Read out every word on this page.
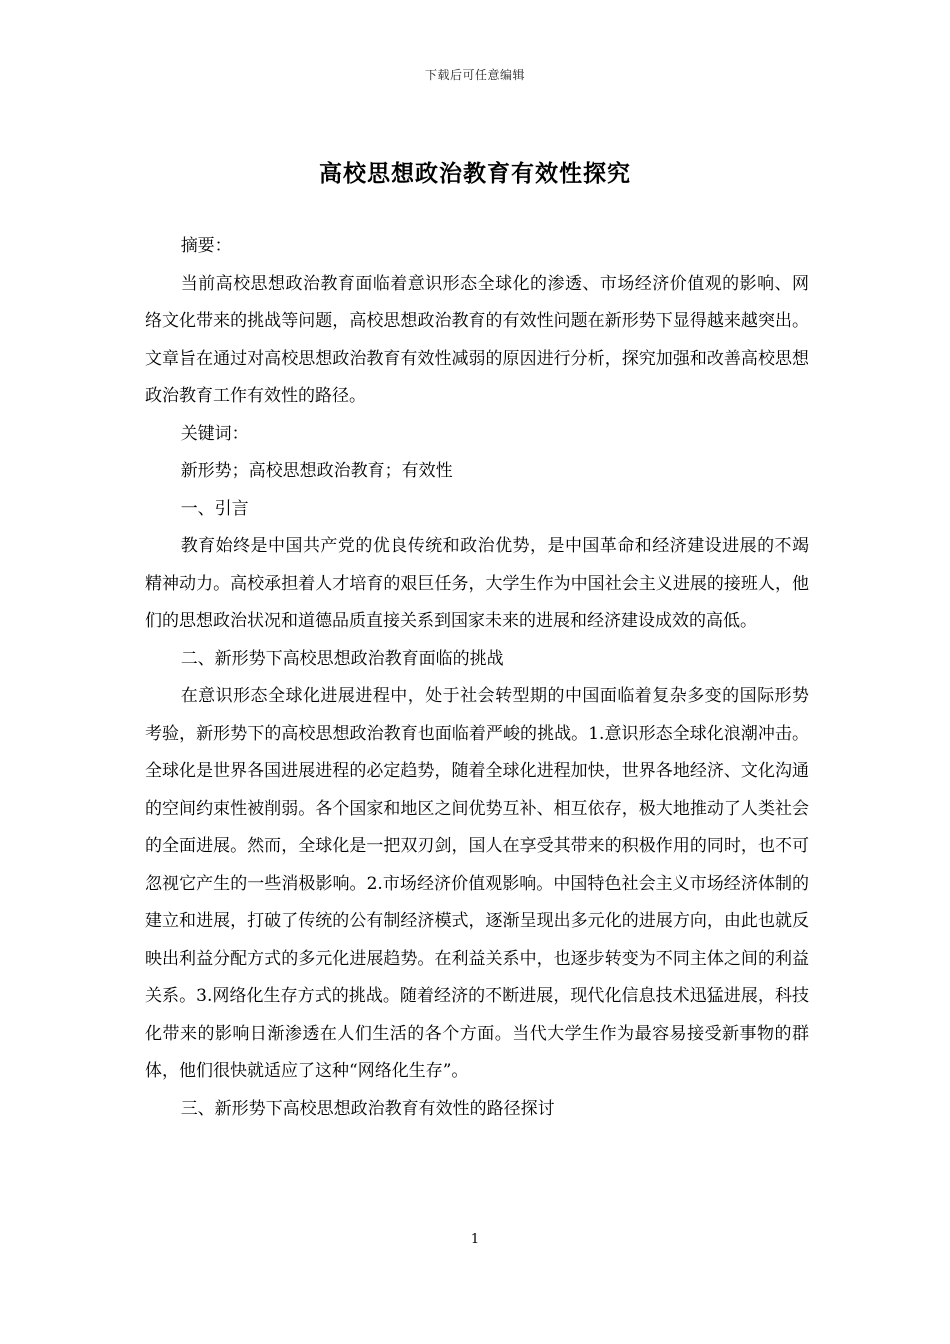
下载后可任意编辑
高校思想政治教育有效性探究

摘要：

当前高校思想政治教育面临着意识形态全球化的渗透、市场经济价值观的影响、网络文化带来的挑战等问题，高校思想政治教育的有效性问题在新形势下显得越来越突出。文章旨在通过对高校思想政治教育有效性减弱的原因进行分析，探究加强和改善高校思想政治教育工作有效性的路径。

关键词：

新形势；高校思想政治教育；有效性

一、引言

教育始终是中国共产党的优良传统和政治优势，是中国革命和经济建设进展的不竭精神动力。高校承担着人才培育的艰巨任务，大学生作为中国社会主义进展的接班人，他们的思想政治状况和道德品质直接关系到国家未来的进展和经济建设成效的高低。

二、新形势下高校思想政治教育面临的挑战

在意识形态全球化进展进程中，处于社会转型期的中国面临着复杂多变的国际形势考验，新形势下的高校思想政治教育也面临着严峻的挑战。1.意识形态全球化浪潮冲击。全球化是世界各国进展进程的必定趋势，随着全球化进程加快，世界各地经济、文化沟通的空间约束性被削弱。各个国家和地区之间优势互补、相互依存，极大地推动了人类社会的全面进展。然而，全球化是一把双刃剑，国人在享受其带来的积极作用的同时，也不可忽视它产生的一些消极影响。2.市场经济价值观影响。中国特色社会主义市场经济体制的建立和进展，打破了传统的公有制经济模式，逐渐呈现出多元化的进展方向，由此也就反映出利益分配方式的多元化进展趋势。在利益关系中，也逐步转变为不同主体之间的利益关系。3.网络化生存方式的挑战。随着经济的不断进展，现代化信息技术迅猛进展，科技化带来的影响日渐渗透在人们生活的各个方面。当代大学生作为最容易接受新事物的群体，他们很快就适应了这种“网络化生存”。

三、新形势下高校思想政治教育有效性的路径探讨

1
